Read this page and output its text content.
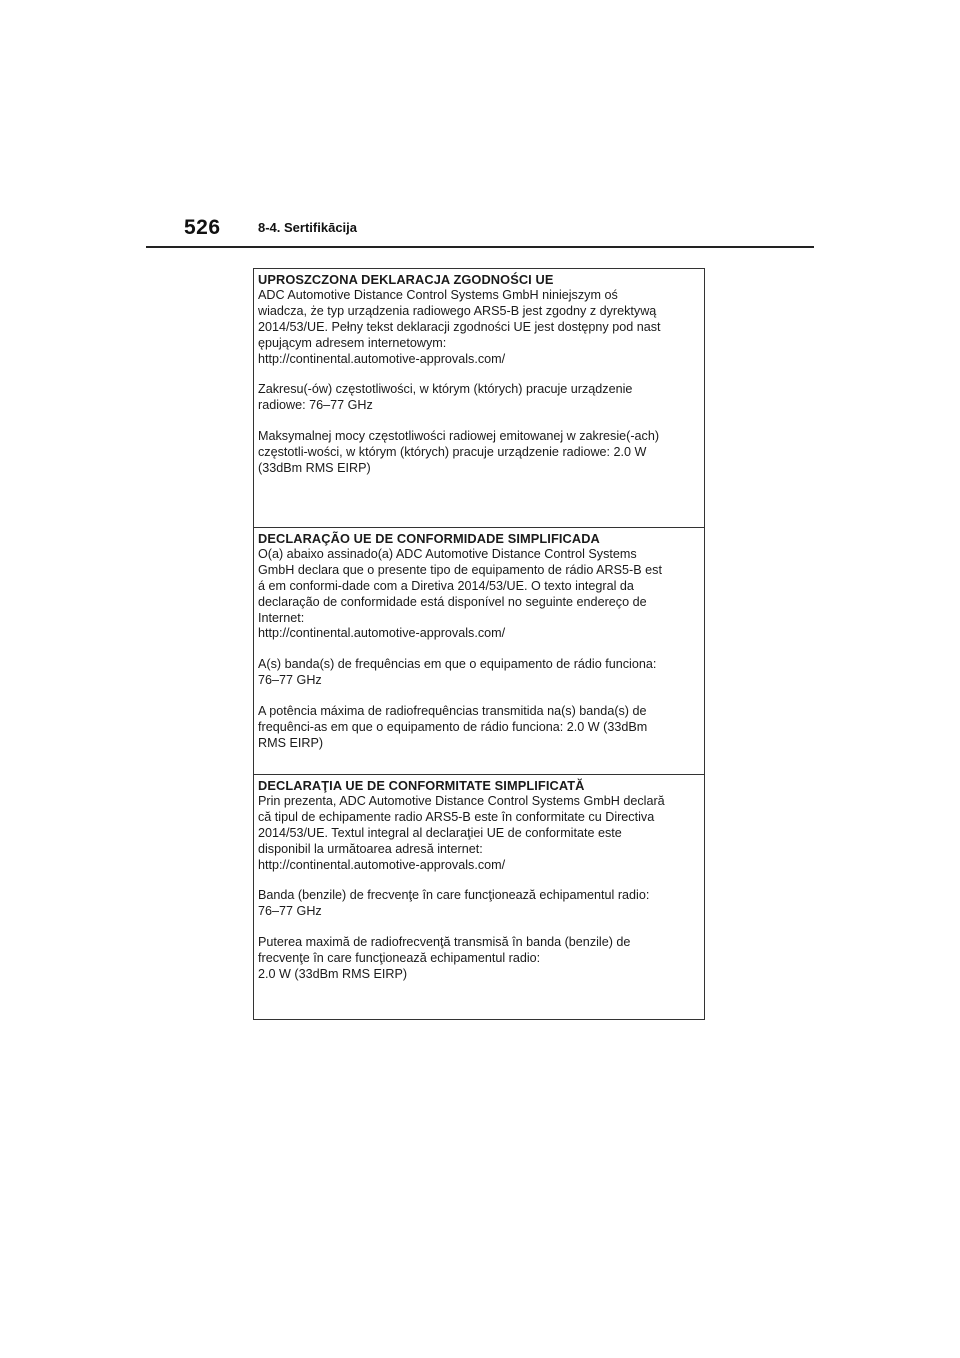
526	8-4. Sertifikācija

UPROSZCZONA DEKLARACJA ZGODNOŚCI UE

ADC Automotive Distance Control Systems GmbH niniejszym oś
wiadcza, że typ urządzenia radiowego ARS5-B jest zgodny z dyrektywą
2014/53/UE. Pełny tekst deklaracji zgodności UE jest dostępny pod nast
ępującym adresem internetowym:
http://continental.automotive-approvals.com/

Zakresu(-ów) częstotliwości, w którym (których) pracuje urządzenie
radiowe: 76–77 GHz

Maksymalnej mocy częstotliwości radiowej emitowanej w zakresie(-ach)
częstotli-wości, w którym (których) pracuje urządzenie radiowe: 2.0 W
(33dBm RMS EIRP)

DECLARAÇÃO UE DE CONFORMIDADE SIMPLIFICADA

O(a) abaixo assinado(a) ADC Automotive Distance Control Systems
GmbH declara que o presente tipo de equipamento de rádio ARS5-B est
á em conformi-dade com a Diretiva 2014/53/UE. O texto integral da
declaração de conformidade está disponível no seguinte endereço de
Internet:
http://continental.automotive-approvals.com/

A(s) banda(s) de frequências em que o equipamento de rádio funciona:
76–77 GHz

A potência máxima de radiofrequências transmitida na(s) banda(s) de
frequênci-as em que o equipamento de rádio funciona: 2.0 W (33dBm
RMS EIRP)

DECLARAŢIA UE DE CONFORMITATE SIMPLIFICATĂ

Prin prezenta, ADC Automotive Distance Control Systems GmbH declară
că tipul de echipamente radio ARS5-B este în conformitate cu Directiva
2014/53/UE. Textul integral al declaraţiei UE de conformitate este
disponibil la următoarea adresă internet:
http://continental.automotive-approvals.com/

Banda (benzile) de frecvenţe în care funcţionează echipamentul radio:
76–77 GHz

Puterea maximă de radiofrecvenţă transmisă în banda (benzile) de
frecvenţe în care funcţionează echipamentul radio:
2.0 W (33dBm RMS EIRP)
